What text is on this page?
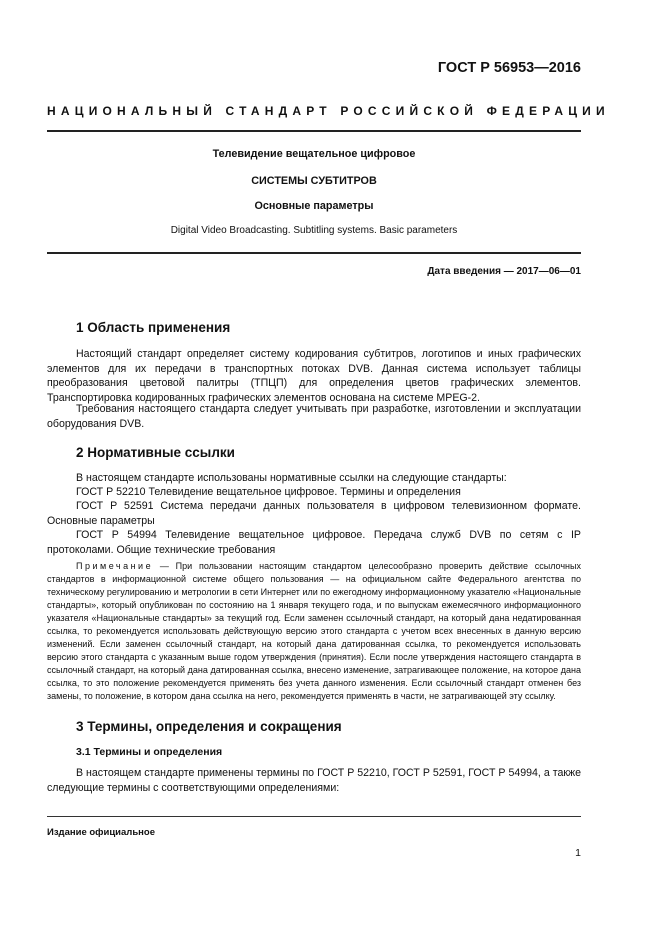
ГОСТ Р 56953—2016
НАЦИОНАЛЬНЫЙ СТАНДАРТ РОССИЙСКОЙ ФЕДЕРАЦИИ
Телевидение вещательное цифровое
СИСТЕМЫ СУБТИТРОВ
Основные параметры
Digital Video Broadcasting. Subtitling systems. Basic parameters
Дата введения — 2017—06—01
1 Область применения
Настоящий стандарт определяет систему кодирования субтитров, логотипов и иных графических элементов для их передачи в транспортных потоках DVB. Данная система использует таблицы преобразования цветовой палитры (ТПЦП) для определения цветов графических элементов. Транспортировка кодированных графических элементов основана на системе MPEG-2.
Требования настоящего стандарта следует учитывать при разработке, изготовлении и эксплуатации оборудования DVB.
2 Нормативные ссылки
В настоящем стандарте использованы нормативные ссылки на следующие стандарты:
ГОСТ Р 52210 Телевидение вещательное цифровое. Термины и определения
ГОСТ Р 52591 Система передачи данных пользователя в цифровом телевизионном формате. Основные параметры
ГОСТ Р 54994 Телевидение вещательное цифровое. Передача служб DVB по сетям с IP протоколами. Общие технические требования
Примечание — При пользовании настоящим стандартом целесообразно проверить действие ссылочных стандартов в информационной системе общего пользования — на официальном сайте Федерального агентства по техническому регулированию и метрологии в сети Интернет или по ежегодному информационному указателю «Национальные стандарты», который опубликован по состоянию на 1 января текущего года, и по выпускам ежемесячного информационного указателя «Национальные стандарты» за текущий год. Если заменен ссылочный стандарт, на который дана недатированная ссылка, то рекомендуется использовать действующую версию этого стандарта с учетом всех внесенных в данную версию изменений. Если заменен ссылочный стандарт, на который дана датированная ссылка, то рекомендуется использовать версию этого стандарта с указанным выше годом утверждения (принятия). Если после утверждения настоящего стандарта в ссылочный стандарт, на который дана датированная ссылка, внесено изменение, затрагивающее положение, на которое дана ссылка, то это положение рекомендуется применять без учета данного изменения. Если ссылочный стандарт отменен без замены, то положение, в котором дана ссылка на него, рекомендуется применять в части, не затрагивающей эту ссылку.
3 Термины, определения и сокращения
3.1 Термины и определения
В настоящем стандарте применены термины по ГОСТ Р 52210, ГОСТ Р 52591, ГОСТ Р 54994, а также следующие термины с соответствующими определениями:
Издание официальное
1
